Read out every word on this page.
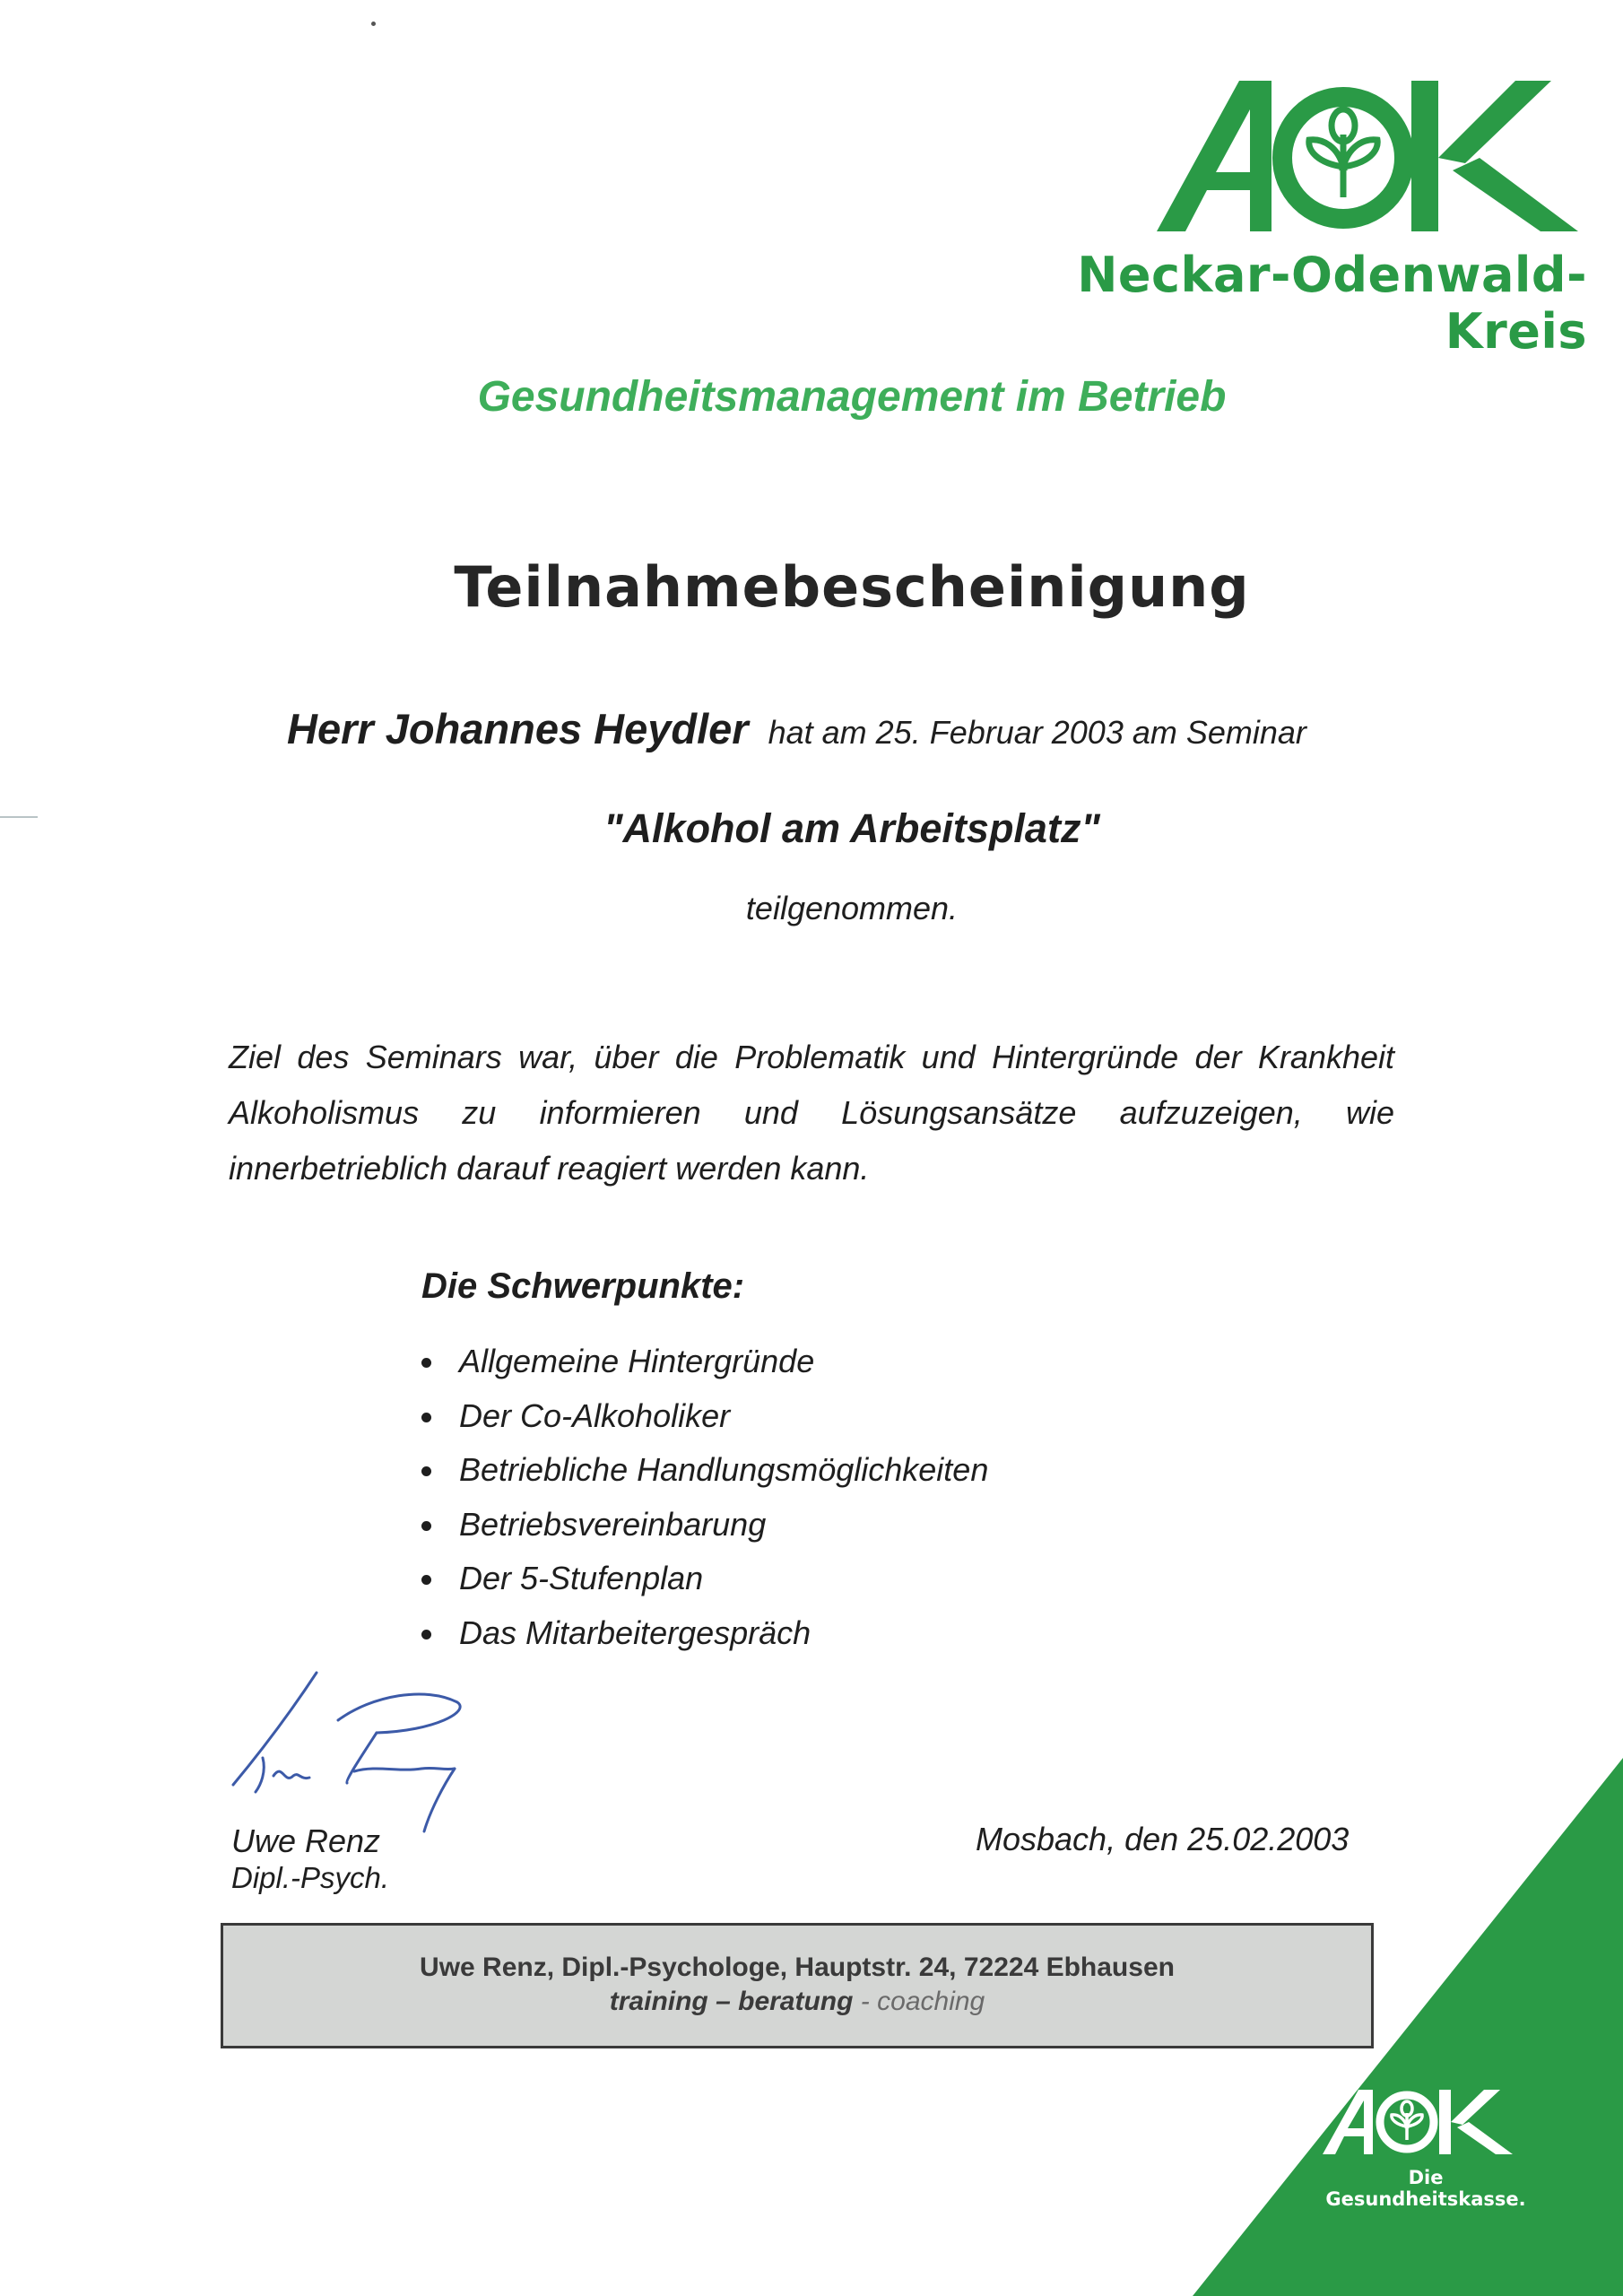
Neckar-Odenwald-Kreis
Gesundheitsmanagement im Betrieb
Teilnahmebescheinigung
Herr Johannes Heydler hat am 25. Februar 2003 am Seminar
"Alkohol am Arbeitsplatz"
teilgenommen.
Ziel des Seminars war, über die Problematik und Hintergründe der Krankheit Alkoholismus zu informieren und Lösungsansätze aufzuzeigen, wie innerbetrieblich darauf reagiert werden kann.
Die Schwerpunkte:
Allgemeine Hintergründe
Der Co-Alkoholiker
Betriebliche Handlungsmöglichkeiten
Betriebsvereinbarung
Der 5-Stufenplan
Das Mitarbeitergespräch
Uwe Renz
Dipl.-Psych.
Mosbach, den 25.02.2003
Uwe Renz, Dipl.-Psychologe, Hauptstr. 24, 72224 Ebhausen
training – beratung - coaching
Die Gesundheitskasse.
